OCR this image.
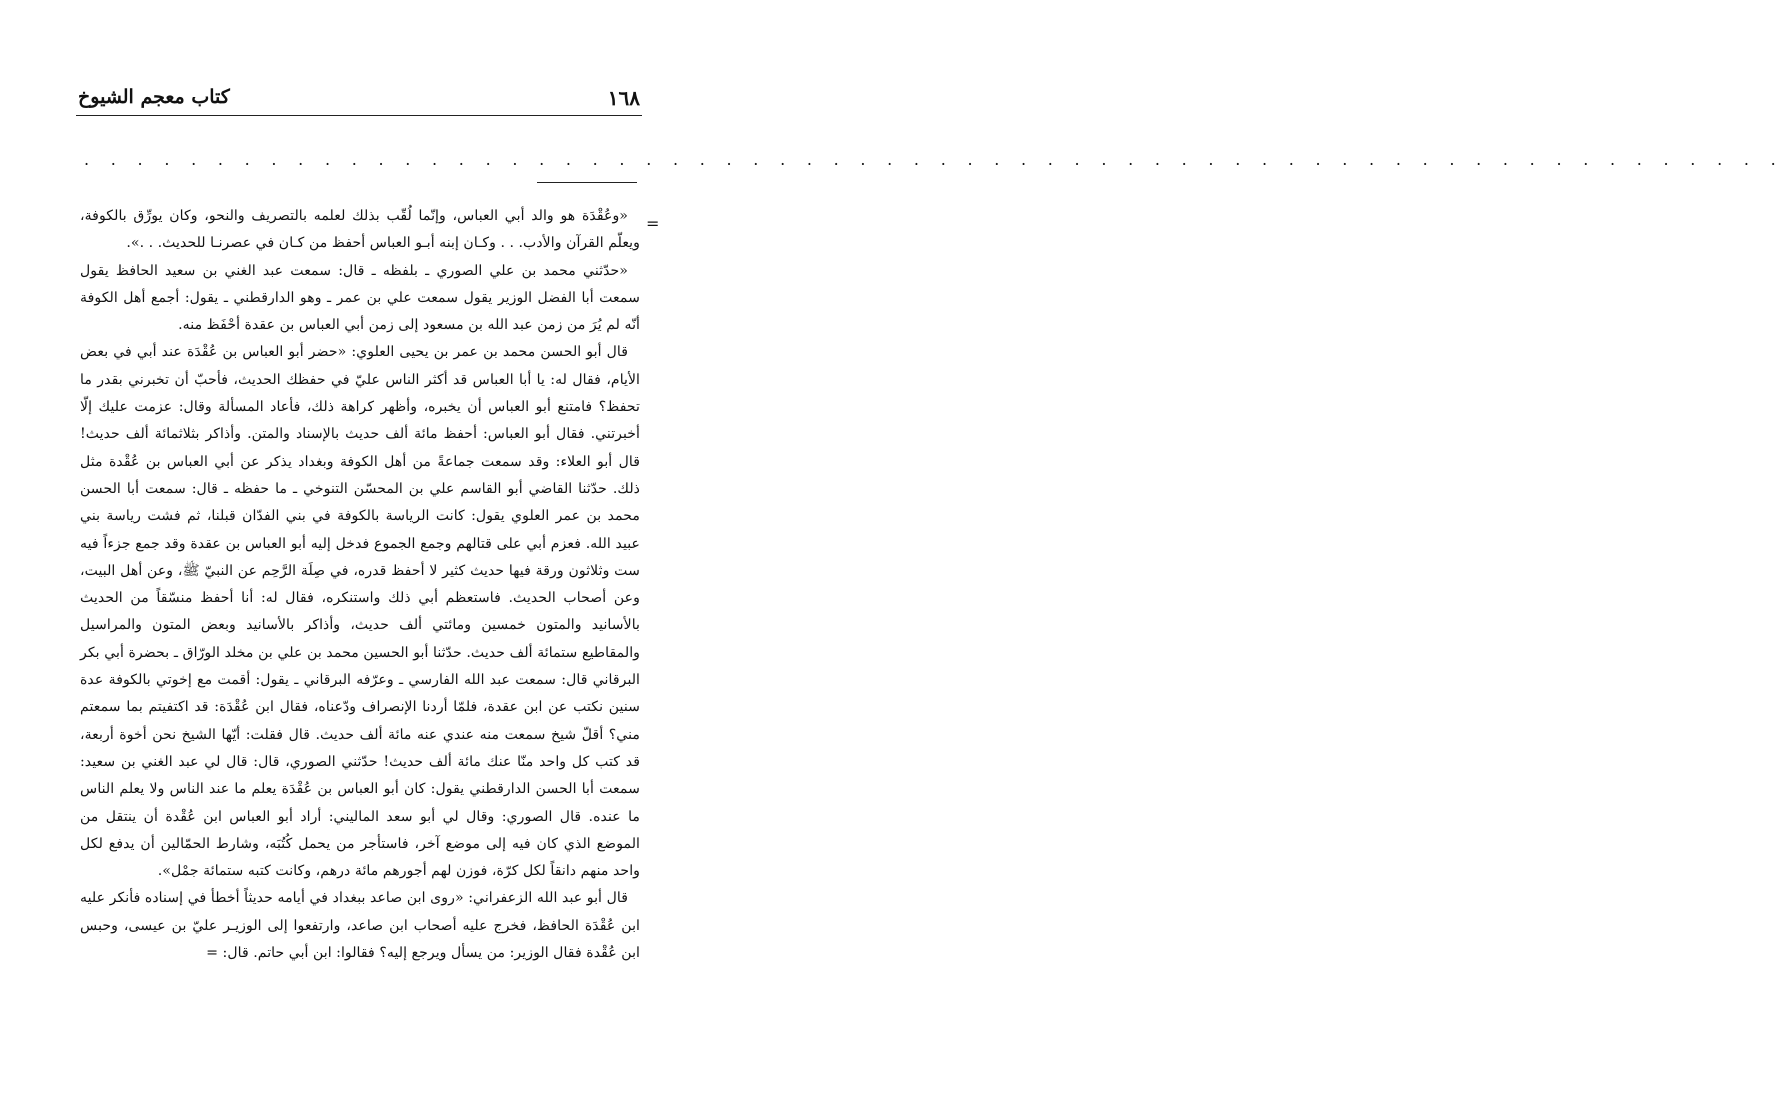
كتاب معجم الشيوخ	١٦٨
. . . . . . . . . . . . . . . . . . . . . . . . . . . . . . . . . . . . . . . . . . . . . . . . . . . . . . . . . . . . . . . .
=

«وعُقْدَة هو والد أبي العباس، وإنّما لُقّب بذلك لعلمه بالتصريف والنحو، وكان يورِّق بالكوفة، ويعلّم القرآن والأدب. . . وكـان إبنه أبـو العباس أحفظ من كـان في عصرنـا للحديث. . .».

«حدّثني محمد بن علي الصوري ـ بلفظه ـ قال: سمعت عبد الغني بن سعيد الحافظ يقول سمعت أبا الفضل الوزير يقول سمعت علي بن عمر ـ وهو الدارقطني ـ يقول: أجمع أهل الكوفة أنّه لم يُرَ من زمن عبد الله بن مسعود إلى زمن أبي العباس بن عقدة أحْفَظ منه.

قال أبو الحسن محمد بن عمر بن يحيى العلوي: «حضر أبو العباس بن عُقْدَة عند أبي في بعض الأيام، فقال له: يا أبا العباس قد أكثر الناس عليّ في حفظك الحديث، فأحبّ أن تخبرني بقدر ما تحفظ؟ فامتنع أبو العباس أن يخبره، وأظهر كراهة ذلك، فأعاد المسألة وقال: عزمت عليك إلّا أخبرتني. فقال أبو العباس: أحفظ مائة ألف حديث بالإسناد والمتن. وأذاكر بثلاثمائة ألف حديث! قال أبو العلاء: وقد سمعت جماعةً من أهل الكوفة وبغداد يذكر عن أبي العباس بن عُقْدة مثل ذلك. حدّثنا القاضي أبو القاسم علي بن المحسّن التنوخي ـ ما حفظه ـ قال: سمعت أبا الحسن محمد بن عمر العلوي يقول: كانت الرياسة بالكوفة في بني الفدّان قبلنا، ثم فشت رياسة بني عبيد الله. فعزم أبي على قتالهم وجمع الجموع فدخل إليه أبو العباس بن عقدة وقد جمع جزءاً فيه ست وثلاثون ورقة فيها حديث كثير لا أحفظ قدره، في صِلَة الرَّحِم عن النبيّ ﷺ، وعن أهل البيت، وعن أصحاب الحديث. فاستعظم أبي ذلك واستنكره، فقال له: أنا أحفظ منسّقاً من الحديث بالأسانيد والمتون خمسين ومائتي ألف حديث، وأذاكر بالأسانيد وبعض المتون والمراسيل والمقاطيع ستمائة ألف حديث. حدّثنا أبو الحسين محمد بن علي بن مخلد الورّاق ـ بحضرة أبي بكر البرقاني قال: سمعت عبد الله الفارسي ـ وعرّفه البرقاني ـ يقول: أقمت مع إخوتي بالكوفة عدة سنين نكتب عن ابن عقدة، فلمّا أردنا الإنصراف ودّعناه، فقال ابن عُقْدَة: قد اكتفيتم بما سمعتم مني؟ أقلّ شيخ سمعت منه عندي عنه مائة ألف حديث. قال فقلت: أيّها الشيخ نحن أخوة أربعة، قد كتب كل واحد منّا عنك مائة ألف حديث! حدّثني الصوري، قال: قال لي عبد الغني بن سعيد: سمعت أبا الحسن الدارقطني يقول: كان أبو العباس بن عُقْدَة يعلم ما عند الناس ولا يعلم الناس ما عنده. قال الصوري: وقال لي أبو سعد الماليني: أراد أبو العباس ابن عُقْدة أن ينتقل من الموضع الذي كان فيه إلى موضع آخر، فاستأجر من يحمل كُتُبَه، وشارط الحمّالين أن يدفع لكل واحد منهم دانقاً لكل كرّة، فوزن لهم أجورهم مائة درهم، وكانت كتبه ستمائة جمْل».

قال أبو عبد الله الزعفراني: «روى ابن صاعد ببغداد في أيامه حديثاً أخطأ في إسناده فأنكر عليه ابن عُقْدَة الحافظ، فخرج عليه أصحاب ابن صاعد، وارتفعوا إلى الوزيـر عليّ بن عيسى، وحبس ابن عُقْدة فقال الوزير: من يسأل ويرجع إليه؟ فقالوا: ابن أبي حاتم. قال: =
